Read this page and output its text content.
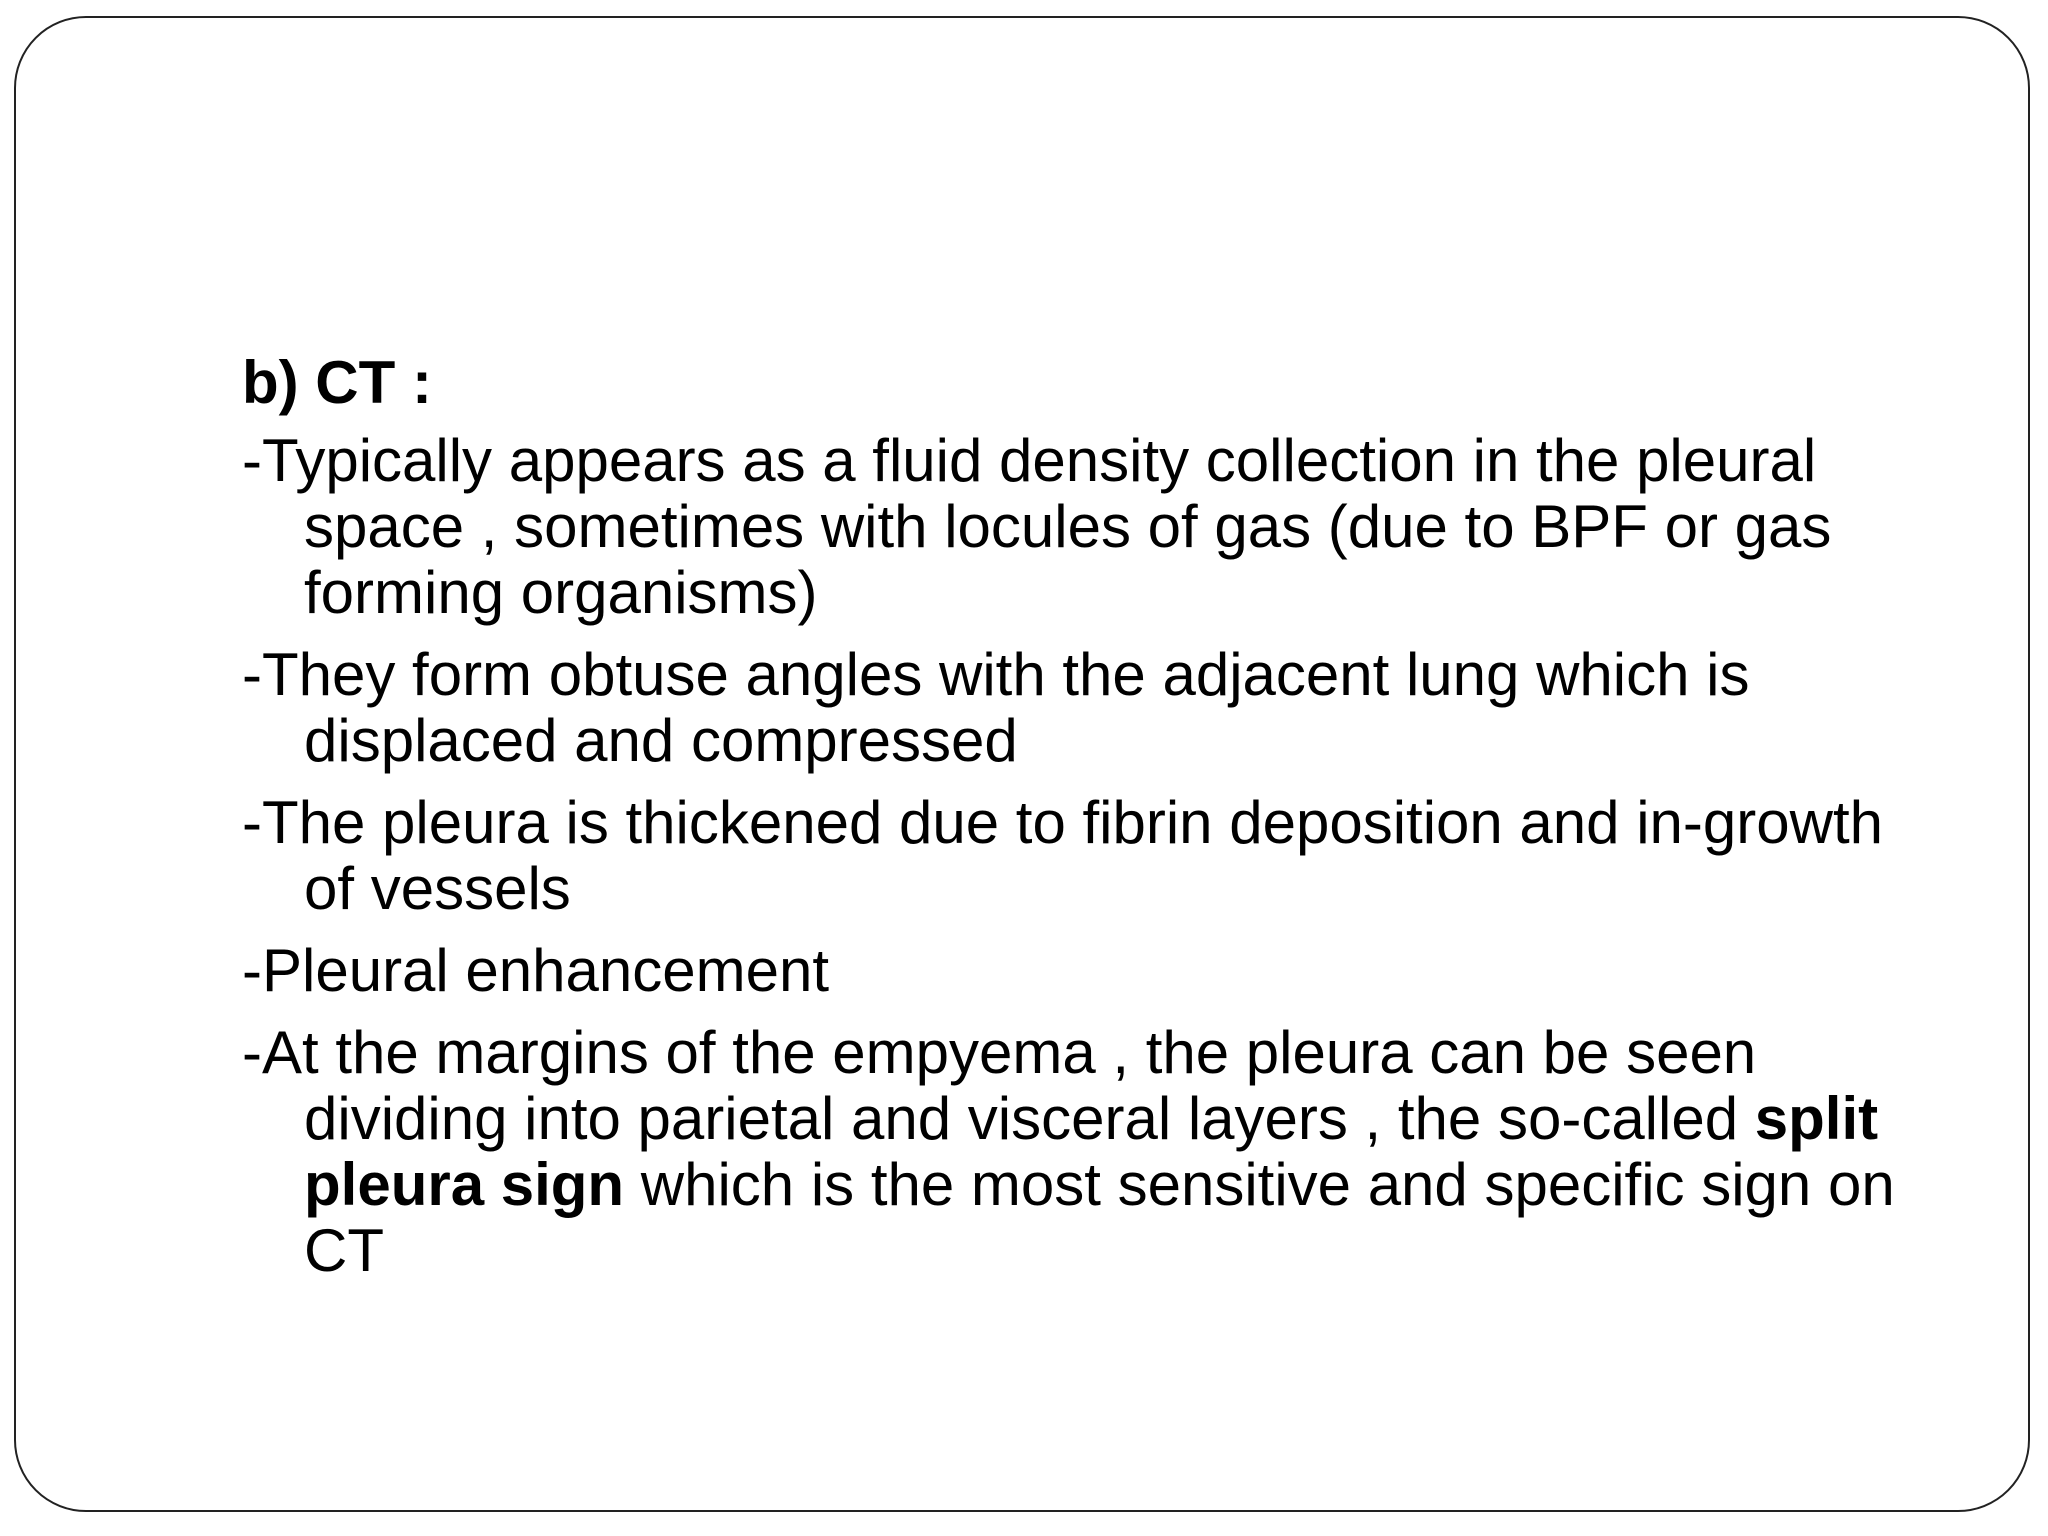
b) CT :
-Typically appears as a fluid density collection in the pleural space , sometimes with locules of gas (due to BPF or gas forming organisms)
-They form obtuse angles with the adjacent lung which is displaced and compressed
-The pleura is thickened due to fibrin deposition and in-growth of vessels
-Pleural enhancement
-At the margins of the empyema , the pleura can be seen dividing into parietal and visceral layers , the so-called split pleura sign which is the most sensitive and specific sign on CT
